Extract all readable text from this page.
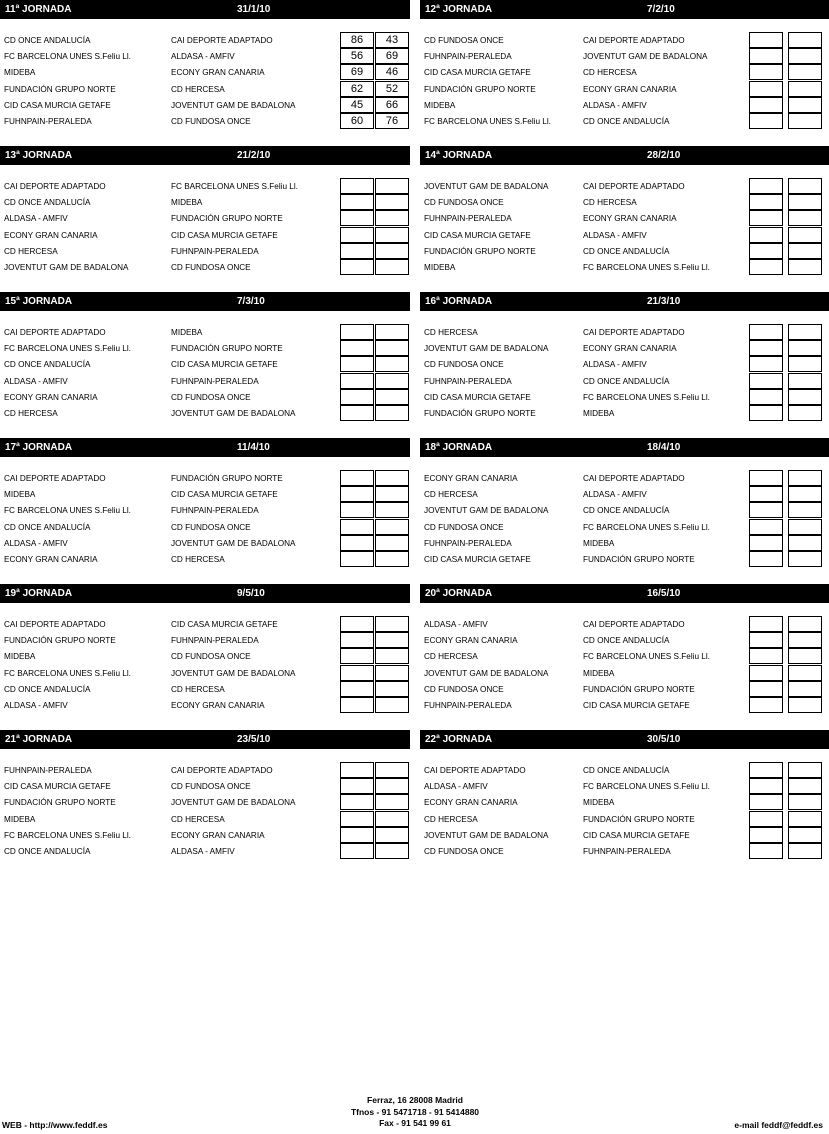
11ª JORNADA	31/1/10
CD ONCE ANDALUCÍA	CAI DEPORTE ADAPTADO	86	43
FC BARCELONA UNES S.Feliu Ll.	ALDASA - AMFIV	56	69
MIDEBA	ECONY GRAN CANARIA	69	46
FUNDACIÓN GRUPO NORTE	CD HERCESA	62	52
CID CASA MURCIA GETAFE	JOVENTUT GAM DE BADALONA	45	66
FUHNPAIN-PERALEDA	CD FUNDOSA ONCE	60	76
12ª JORNADA	7/2/10
CD FUNDOSA ONCE	CAI DEPORTE ADAPTADO
FUHNPAIN-PERALEDA	JOVENTUT GAM DE BADALONA
CID CASA MURCIA GETAFE	CD HERCESA
FUNDACIÓN GRUPO NORTE	ECONY GRAN CANARIA
MIDEBA	ALDASA - AMFIV
FC BARCELONA UNES S.Feliu Ll.	CD ONCE ANDALUCÍA
13ª JORNADA	21/2/10
CAI DEPORTE ADAPTADO	FC BARCELONA UNES S.Feliu Ll.
CD ONCE ANDALUCÍA	MIDEBA
ALDASA - AMFIV	FUNDACIÓN GRUPO NORTE
ECONY GRAN CANARIA	CID CASA MURCIA GETAFE
CD HERCESA	FUHNPAIN-PERALEDA
JOVENTUT GAM DE BADALONA	CD FUNDOSA ONCE
14ª JORNADA	28/2/10
JOVENTUT GAM DE BADALONA	CAI DEPORTE ADAPTADO
CD FUNDOSA ONCE	CD HERCESA
FUHNPAIN-PERALEDA	ECONY GRAN CANARIA
CID CASA MURCIA GETAFE	ALDASA - AMFIV
FUNDACIÓN GRUPO NORTE	CD ONCE ANDALUCÍA
MIDEBA	FC BARCELONA UNES S.Feliu Ll.
15ª JORNADA	7/3/10
CAI DEPORTE ADAPTADO	MIDEBA
FC BARCELONA UNES S.Feliu Ll.	FUNDACIÓN GRUPO NORTE
CD ONCE ANDALUCÍA	CID CASA MURCIA GETAFE
ALDASA - AMFIV	FUHNPAIN-PERALEDA
ECONY GRAN CANARIA	CD FUNDOSA ONCE
CD HERCESA	JOVENTUT GAM DE BADALONA
16ª JORNADA	21/3/10
CD HERCESA	CAI DEPORTE ADAPTADO
JOVENTUT GAM DE BADALONA	ECONY GRAN CANARIA
CD FUNDOSA ONCE	ALDASA - AMFIV
FUHNPAIN-PERALEDA	CD ONCE ANDALUCÍA
CID CASA MURCIA GETAFE	FC BARCELONA UNES S.Feliu Ll.
FUNDACIÓN GRUPO NORTE	MIDEBA
17ª JORNADA	11/4/10
CAI DEPORTE ADAPTADO	FUNDACIÓN GRUPO NORTE
MIDEBA	CID CASA MURCIA GETAFE
FC BARCELONA UNES S.Feliu Ll.	FUHNPAIN-PERALEDA
CD ONCE ANDALUCÍA	CD FUNDOSA ONCE
ALDASA - AMFIV	JOVENTUT GAM DE BADALONA
ECONY GRAN CANARIA	CD HERCESA
18ª JORNADA	18/4/10
ECONY GRAN CANARIA	CAI DEPORTE ADAPTADO
CD HERCESA	ALDASA - AMFIV
JOVENTUT GAM DE BADALONA	CD ONCE ANDALUCÍA
CD FUNDOSA ONCE	FC BARCELONA UNES S.Feliu Ll.
FUHNPAIN-PERALEDA	MIDEBA
CID CASA MURCIA GETAFE	FUNDACIÓN GRUPO NORTE
19ª JORNADA	9/5/10
CAI DEPORTE ADAPTADO	CID CASA MURCIA GETAFE
FUNDACIÓN GRUPO NORTE	FUHNPAIN-PERALEDA
MIDEBA	CD FUNDOSA ONCE
FC BARCELONA UNES S.Feliu Ll.	JOVENTUT GAM DE BADALONA
CD ONCE ANDALUCÍA	CD HERCESA
ALDASA - AMFIV	ECONY GRAN CANARIA
20ª JORNADA	16/5/10
ALDASA - AMFIV	CAI DEPORTE ADAPTADO
ECONY GRAN CANARIA	CD ONCE ANDALUCÍA
CD HERCESA	FC BARCELONA UNES S.Feliu Ll.
JOVENTUT GAM DE BADALONA	MIDEBA
CD FUNDOSA ONCE	FUNDACIÓN GRUPO NORTE
FUHNPAIN-PERALEDA	CID CASA MURCIA GETAFE
21ª JORNADA	23/5/10
FUHNPAIN-PERALEDA	CAI DEPORTE ADAPTADO
CID CASA MURCIA GETAFE	CD FUNDOSA ONCE
FUNDACIÓN GRUPO NORTE	JOVENTUT GAM DE BADALONA
MIDEBA	CD HERCESA
FC BARCELONA UNES S.Feliu Ll.	ECONY GRAN CANARIA
CD ONCE ANDALUCÍA	ALDASA - AMFIV
22ª JORNADA	30/5/10
CAI DEPORTE ADAPTADO	CD ONCE ANDALUCÍA
ALDASA - AMFIV	FC BARCELONA UNES S.Feliu Ll.
ECONY GRAN CANARIA	MIDEBA
CD HERCESA	FUNDACIÓN GRUPO NORTE
JOVENTUT GAM DE BADALONA	CID CASA MURCIA GETAFE
CD FUNDOSA ONCE	FUHNPAIN-PERALEDA
Ferraz, 16 28008 Madrid
Tfnos - 91 5471718 - 91 5414880
Fax - 91 541 99 61
WEB - http://www.feddf.es	e-mail feddf@feddf.es
